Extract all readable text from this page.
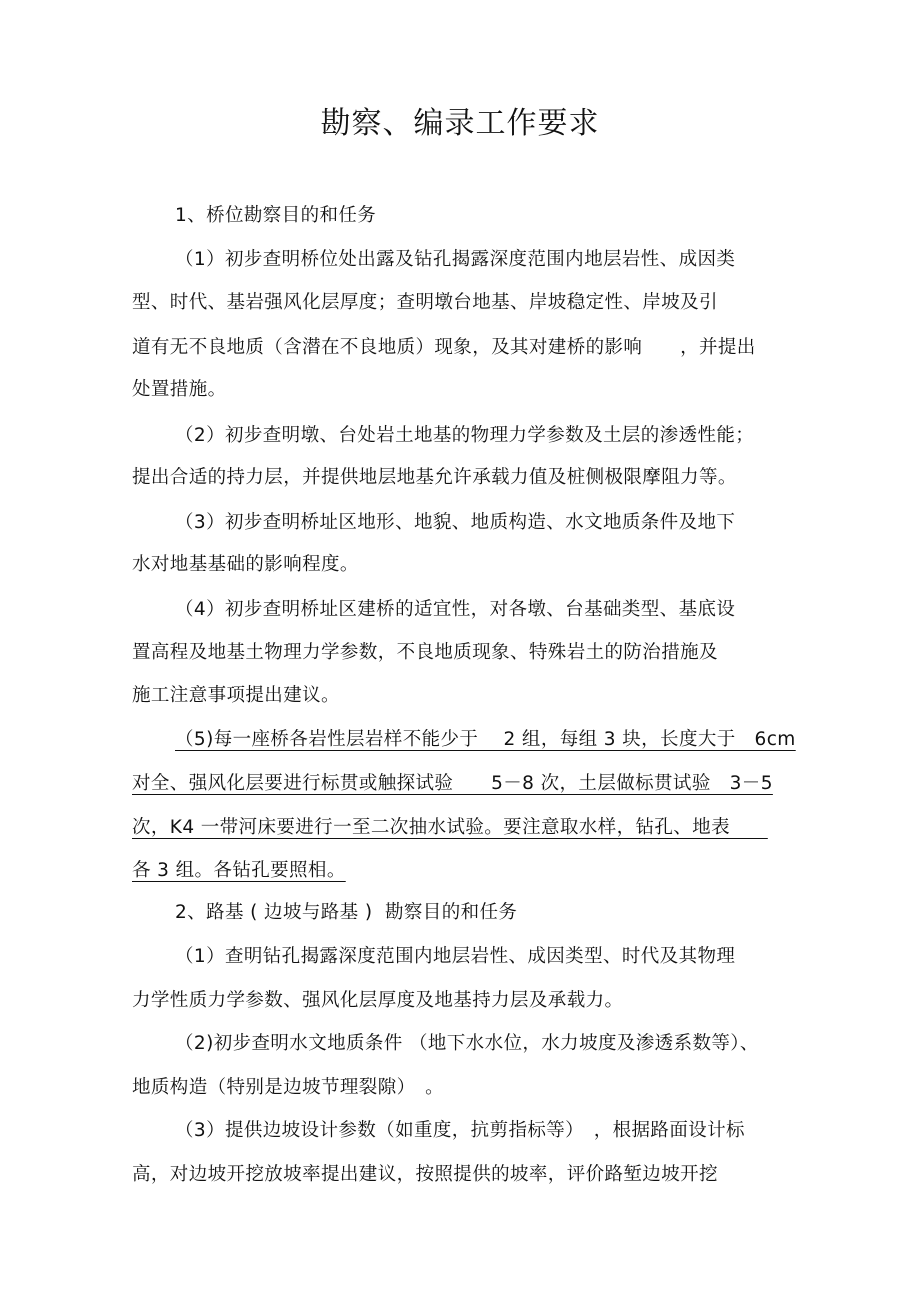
勘察、编录工作要求
1、桥位勘察目的和任务
（1）初步查明桥位处出露及钻孔揭露深度范围内地层岩性、成因类
型、时代、基岩强风化层厚度；查明墩台地基、岸坡稳定性、岸坡及引
道有无不良地质（含潜在不良地质）现象，及其对建桥的影响　　，并提出
处置措施。
（2）初步查明墩、台处岩土地基的物理力学参数及土层的渗透性能；
提出合适的持力层，并提供地层地基允许承载力值及桩侧极限摩阻力等。
（3）初步查明桥址区地形、地貌、地质构造、水文地质条件及地下
水对地基基础的影响程度。
（4）初步查明桥址区建桥的适宜性，对各墩、台基础类型、基底设
置高程及地基土物理力学参数，不良地质现象、特殊岩土的防治措施及
施工注意事项提出建议。
（5)每一座桥各岩性层岩样不能少于　 2 组，每组 3 块，长度大于　6cm
对全、强风化层要进行标贯或触探试验　　5－8 次，土层做标贯试验　3－5
次，K4 一带河床要进行一至二次抽水试验。要注意取水样，钻孔、地表　　
各 3 组。各钻孔要照相。
2、路基 ( 边坡与路基 )  勘察目的和任务
（1）查明钻孔揭露深度范围内地层岩性、成因类型、时代及其物理
力学性质力学参数、强风化层厚度及地基持力层及承载力。
（2)初步查明水文地质条件 （地下水水位，水力坡度及渗透系数等）、
地质构造（特别是边坡节理裂隙）　。
（3）提供边坡设计参数（如重度，抗剪指标等）　，根据路面设计标
高，对边坡开挖放坡率提出建议，按照提供的坡率，评价路堑边坡开挖
